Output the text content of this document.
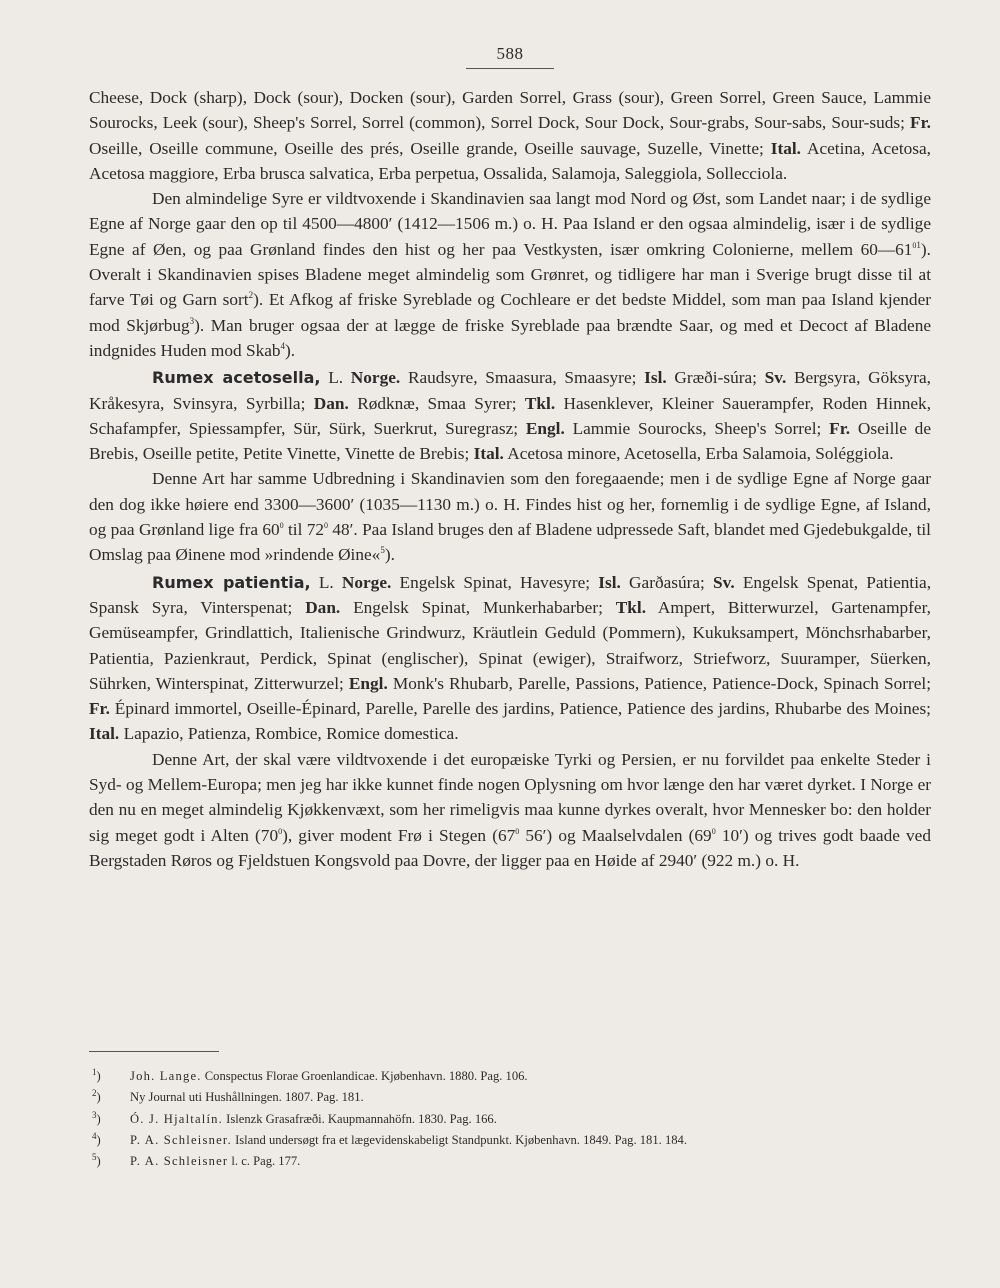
588

Cheese, Dock (sharp), Dock (sour), Docken (sour), Garden Sorrel, Grass (sour), Green Sorrel, Green Sauce, Lammie Sourocks, Leek (sour), Sheep's Sorrel, Sorrel (common), Sorrel Dock, Sour Dock, Sour-grabs, Sour-sabs, Sour-suds; Fr. Oseille, Oseille commune, Oseille des prés, Oseille grande, Oseille sauvage, Suzelle, Vinette; Ital. Acetina, Acetosa, Acetosa maggiore, Erba brusca salvatica, Erba perpetua, Ossalida, Salamoja, Saleggiola, Sollecciola.

Den almindelige Syre er vildtvoxende i Skandinavien saa langt mod Nord og Øst, som Landet naar; i de sydlige Egne af Norge gaar den op til 4500—4800′ (1412—1506 m.) o. H. Paa Island er den ogsaa almindelig, især i de sydlige Egne af Øen, og paa Grønland findes den hist og her paa Vestkysten, især omkring Colonierne, mellem $60—61^{01}$). Overalt i Skandinavien spises Bladene meget almindelig som Grønret, og tidligere har man i Sverige brugt disse til at farve Tøi og Garn sort$^2$). Et Afkog af friske Syreblade og Cochleare er det bedste Middel, som man paa Island kjender mod Skjørbug$^3$). Man bruger ogsaa der at lægge de friske Syreblade paa brændte Saar, og med et Decoct af Bladene indgnides Huden mod Skab$^4$).

Rumex acetosella, L. Norge. Raudsyre, Smaasura, Smaasyre; Isl. Græði-súra; Sv. Bergsyra, Göksyra, Kråkesyra, Svinsyra, Syrbilla; Dan. Rødknæ, Smaa Syrer; Tkl. Hasenklever, Kleiner Sauerampfer, Roden Hinnek, Schafampfer, Spiessampfer, Sür, Sürk, Suerkrut, Suregrasz; Engl. Lammie Sourocks, Sheep's Sorrel; Fr. Oseille de Brebis, Oseille petite, Petite Vinette, Vinette de Brebis; Ital. Acetosa minore, Acetosella, Erba Salamoia, Soléggiola.

Denne Art har samme Udbredning i Skandinavien som den foregaaende; men i de sydlige Egne af Norge gaar den dog ikke høiere end 3300—3600′ (1035—1130 m.) o. H. Findes hist og her, fornemlig i de sydlige Egne, af Island, og paa Grønland lige fra $60^0$ til $72^0$ 48′. Paa Island bruges den af Bladene udpressede Saft, blandet med Gjedebukgalde, til Omslag paa Øinene mod »rindende Øine«$^5$).

Rumex patientia, L. Norge. Engelsk Spinat, Havesyre; Isl. Garðasúra; Sv. Engelsk Spenat, Patientia, Spansk Syra, Vinterspenat; Dan. Engelsk Spinat, Munkerhabarber; Tkl. Ampert, Bitterwurzel, Gartenampfer, Gemüseampfer, Grindlattich, Italienische Grindwurz, Kräutlein Geduld (Pommern), Kukuksampert, Mönchsrhabarber, Patientia, Pazienkraut, Perdick, Spinat (englischer), Spinat (ewiger), Straifworz, Striefworz, Suuramper, Süerken, Sührken, Winterspinat, Zitterwurzel; Engl. Monk's Rhubarb, Parelle, Passions, Patience, Patience-Dock, Spinach Sorrel; Fr. Épinard immortel, Oseille-Épinard, Parelle, Parelle des jardins, Patience, Patience des jardins, Rhubarbe des Moines; Ital. Lapazio, Patienza, Rombice, Romice domestica.

Denne Art, der skal være vildtvoxende i det europæiske Tyrki og Persien, er nu forvildet paa enkelte Steder i Syd- og Mellem-Europa; men jeg har ikke kunnet finde nogen Oplysning om hvor længe den har været dyrket. I Norge er den nu en meget almindelig Kjøkkenvæxt, som her rimeligvis maa kunne dyrkes overalt, hvor Mennesker bo: den holder sig meget godt i Alten $(70^0)$, giver modent Frø i Stegen ($67^0$ 56′) og Maalselvdalen ($69^0$ 10′) og trives godt baade ved Bergstaden Røros og Fjeldstuen Kongsvold paa Dovre, der ligger paa en Høide af 2940′ (922 m.) o. H.

$^1$)	Joh. Lange. Conspectus Florae Groenlandicae. Kjøbenhavn. 1880. Pag. 106.
$^2$)	Ny Journal uti Hushållningen. 1807. Pag. 181.
$^3$)	Ó. J. Hjaltalín. Islenzk Grasafræði. Kaupmannahöfn. 1830. Pag. 166.
$^4$)	P. A. Schleisner. Island undersøgt fra et lægevidenskabeligt Standpunkt. Kjøbenhavn. 1849. Pag. 181. 184.
$^5$)	P. A. Schleisner l. c. Pag. 177.
